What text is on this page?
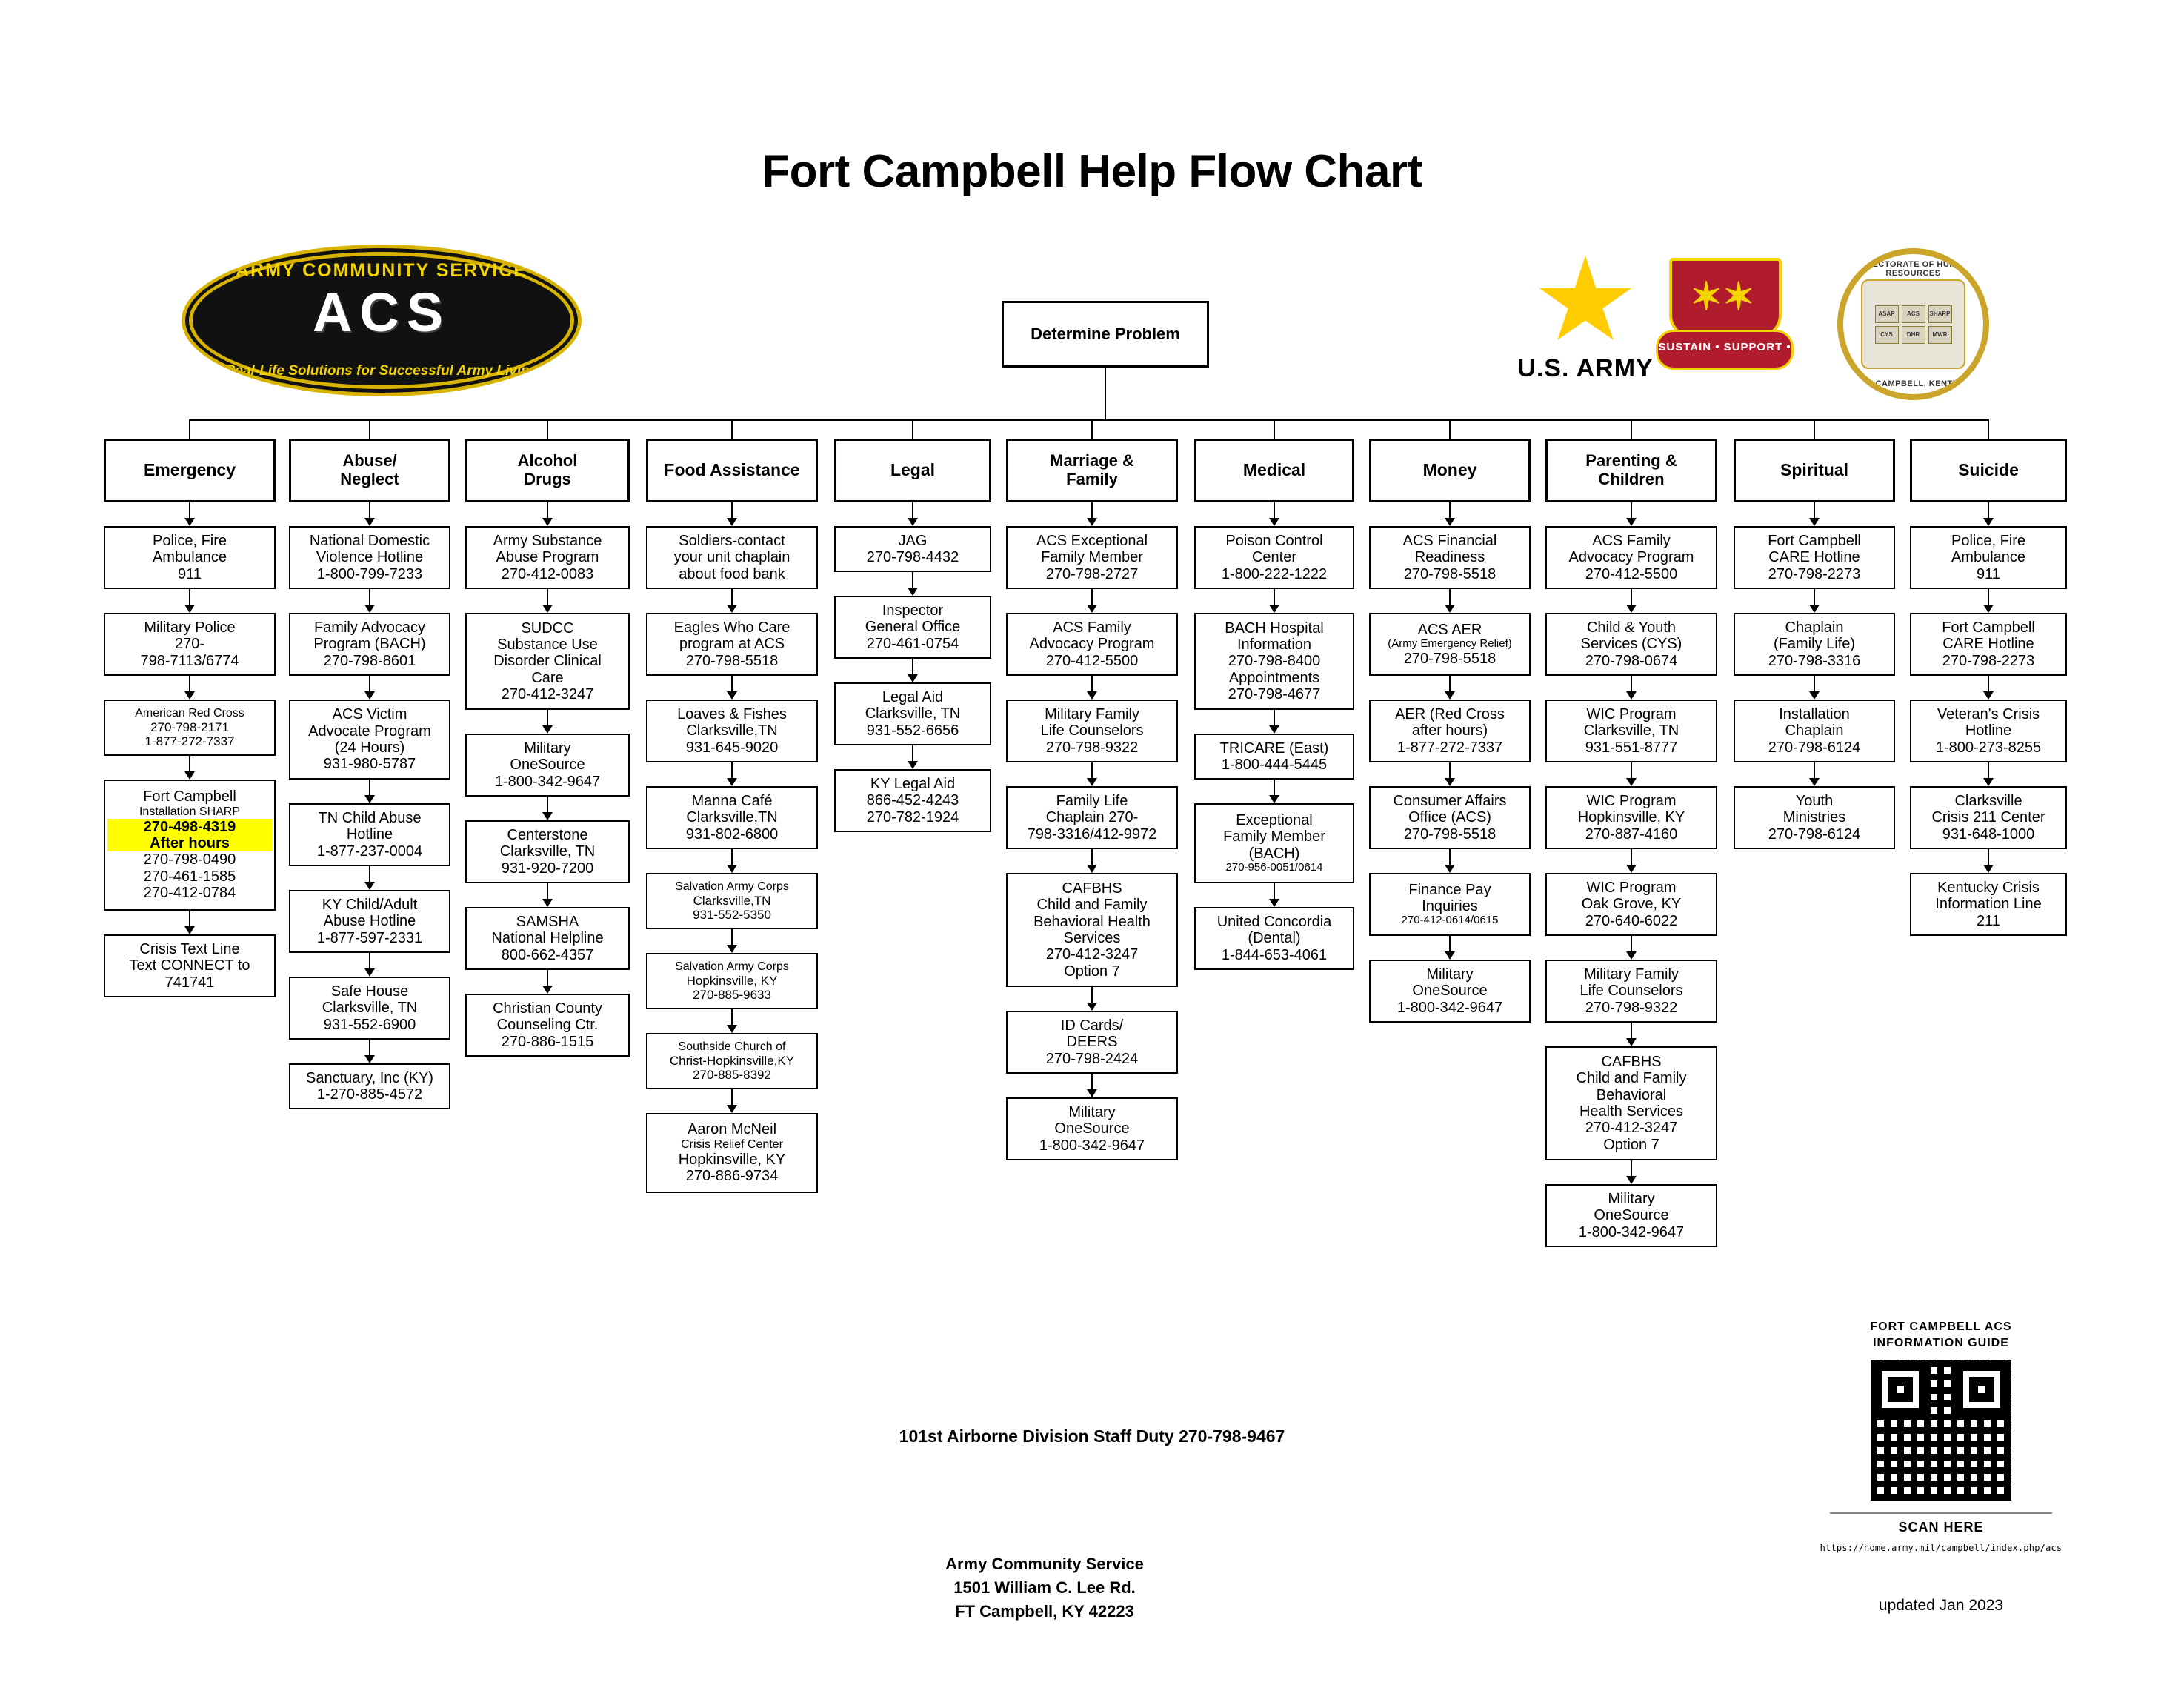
Fort Campbell Help Flow Chart
ARMY COMMUNITY SERVICE
ACS
Real-Life Solutions for Successful Army Living	U.S. ARMY
✶✶
SUSTAIN • SUPPORT • DEFEND
DIRECTORATE OF HUMAN RESOURCES
ASAP	ACS	SHARP
CYS	DHR	MWR
FORT CAMPBELL, KENTUCKY
Determine Problem
Emergency
Police, Fire
Ambulance
911
Military Police
270-
798-7113/6774
American Red Cross
270-798-2171
1-877-272-7337
Fort Campbell
Installation SHARP
270-498-4319
After hours
270-798-0490
270-461-1585
270-412-0784
Crisis Text Line
Text CONNECT to
741741
Abuse/
Neglect
National Domestic
Violence Hotline
1-800-799-7233
Family Advocacy
Program (BACH)
270-798-8601
ACS Victim
Advocate Program
(24 Hours)
931-980-5787
TN Child Abuse
Hotline
1-877-237-0004
KY Child/Adult
Abuse Hotline
1-877-597-2331
Safe House
Clarksville, TN
931-552-6900
Sanctuary, Inc (KY)
1-270-885-4572
Alcohol
Drugs
Army Substance
Abuse Program
270-412-0083
SUDCC
Substance Use
Disorder Clinical
Care
270-412-3247
Military
OneSource
1-800-342-9647
Centerstone
Clarksville, TN
931-920-7200
SAMSHA
National Helpline
800-662-4357
Christian County
Counseling Ctr.
270-886-1515
Food Assistance
Soldiers-contact
your unit chaplain
about food bank
Eagles Who Care
program at ACS
270-798-5518
Loaves & Fishes
Clarksville,TN
931-645-9020
Manna Café
Clarksville,TN
931-802-6800
Salvation Army Corps
Clarksville,TN
931-552-5350
Salvation Army Corps
Hopkinsville, KY
270-885-9633
Southside Church of
Christ-Hopkinsville,KY
270-885-8392
Aaron McNeil
Crisis Relief Center
Hopkinsville, KY
270-886-9734
Legal
JAG
270-798-4432
Inspector
General Office
270-461-0754
Legal Aid
Clarksville, TN
931-552-6656
KY Legal Aid
866-452-4243
270-782-1924
Marriage &
Family
ACS Exceptional
Family Member
270-798-2727
ACS Family
Advocacy Program
270-412-5500
Military Family
Life Counselors
270-798-9322
Family Life
Chaplain 270-
798-3316/412-9972
CAFBHS
Child and Family
Behavioral Health
Services
270-412-3247
Option 7
ID Cards/
DEERS
270-798-2424
Military
OneSource
1-800-342-9647
Medical
Poison Control
Center
1-800-222-1222
BACH Hospital
Information
270-798-8400
Appointments
270-798-4677
TRICARE (East)
1-800-444-5445
Exceptional
Family Member
(BACH)
270-956-0051/0614
United Concordia
(Dental)
1-844-653-4061
Money
ACS Financial
Readiness
270-798-5518
ACS AER
(Army Emergency Relief)
270-798-5518
AER (Red Cross
after hours)
1-877-272-7337
Consumer Affairs
Office (ACS)
270-798-5518
Finance Pay
Inquiries
270-412-0614/0615
Military
OneSource
1-800-342-9647
Parenting &
Children
ACS Family
Advocacy Program
270-412-5500
Child & Youth
Services (CYS)
270-798-0674
WIC Program
Clarksville, TN
931-551-8777
WIC Program
Hopkinsville, KY
270-887-4160
WIC Program
Oak Grove, KY
270-640-6022
Military Family
Life Counselors
270-798-9322
CAFBHS
Child and Family
Behavioral
Health Services
270-412-3247
Option 7
Military
OneSource
1-800-342-9647
Spiritual
Fort Campbell
CARE Hotline
270-798-2273
Chaplain
(Family Life)
270-798-3316
Installation
Chaplain
270-798-6124
Youth
Ministries
270-798-6124
Suicide
Police, Fire
Ambulance
911
Fort Campbell
CARE Hotline
270-798-2273
Veteran's Crisis
Hotline
1-800-273-8255
Clarksville
Crisis 211 Center
931-648-1000
Kentucky Crisis
Information Line
211
101st Airborne Division Staff Duty 270-798-9467
Army Community Service
1501 William C. Lee Rd.
FT Campbell, KY 42223
FORT CAMPBELL ACS
INFORMATION GUIDE
SCAN HERE
https://home.army.mil/campbell/index.php/acs
updated Jan 2023
